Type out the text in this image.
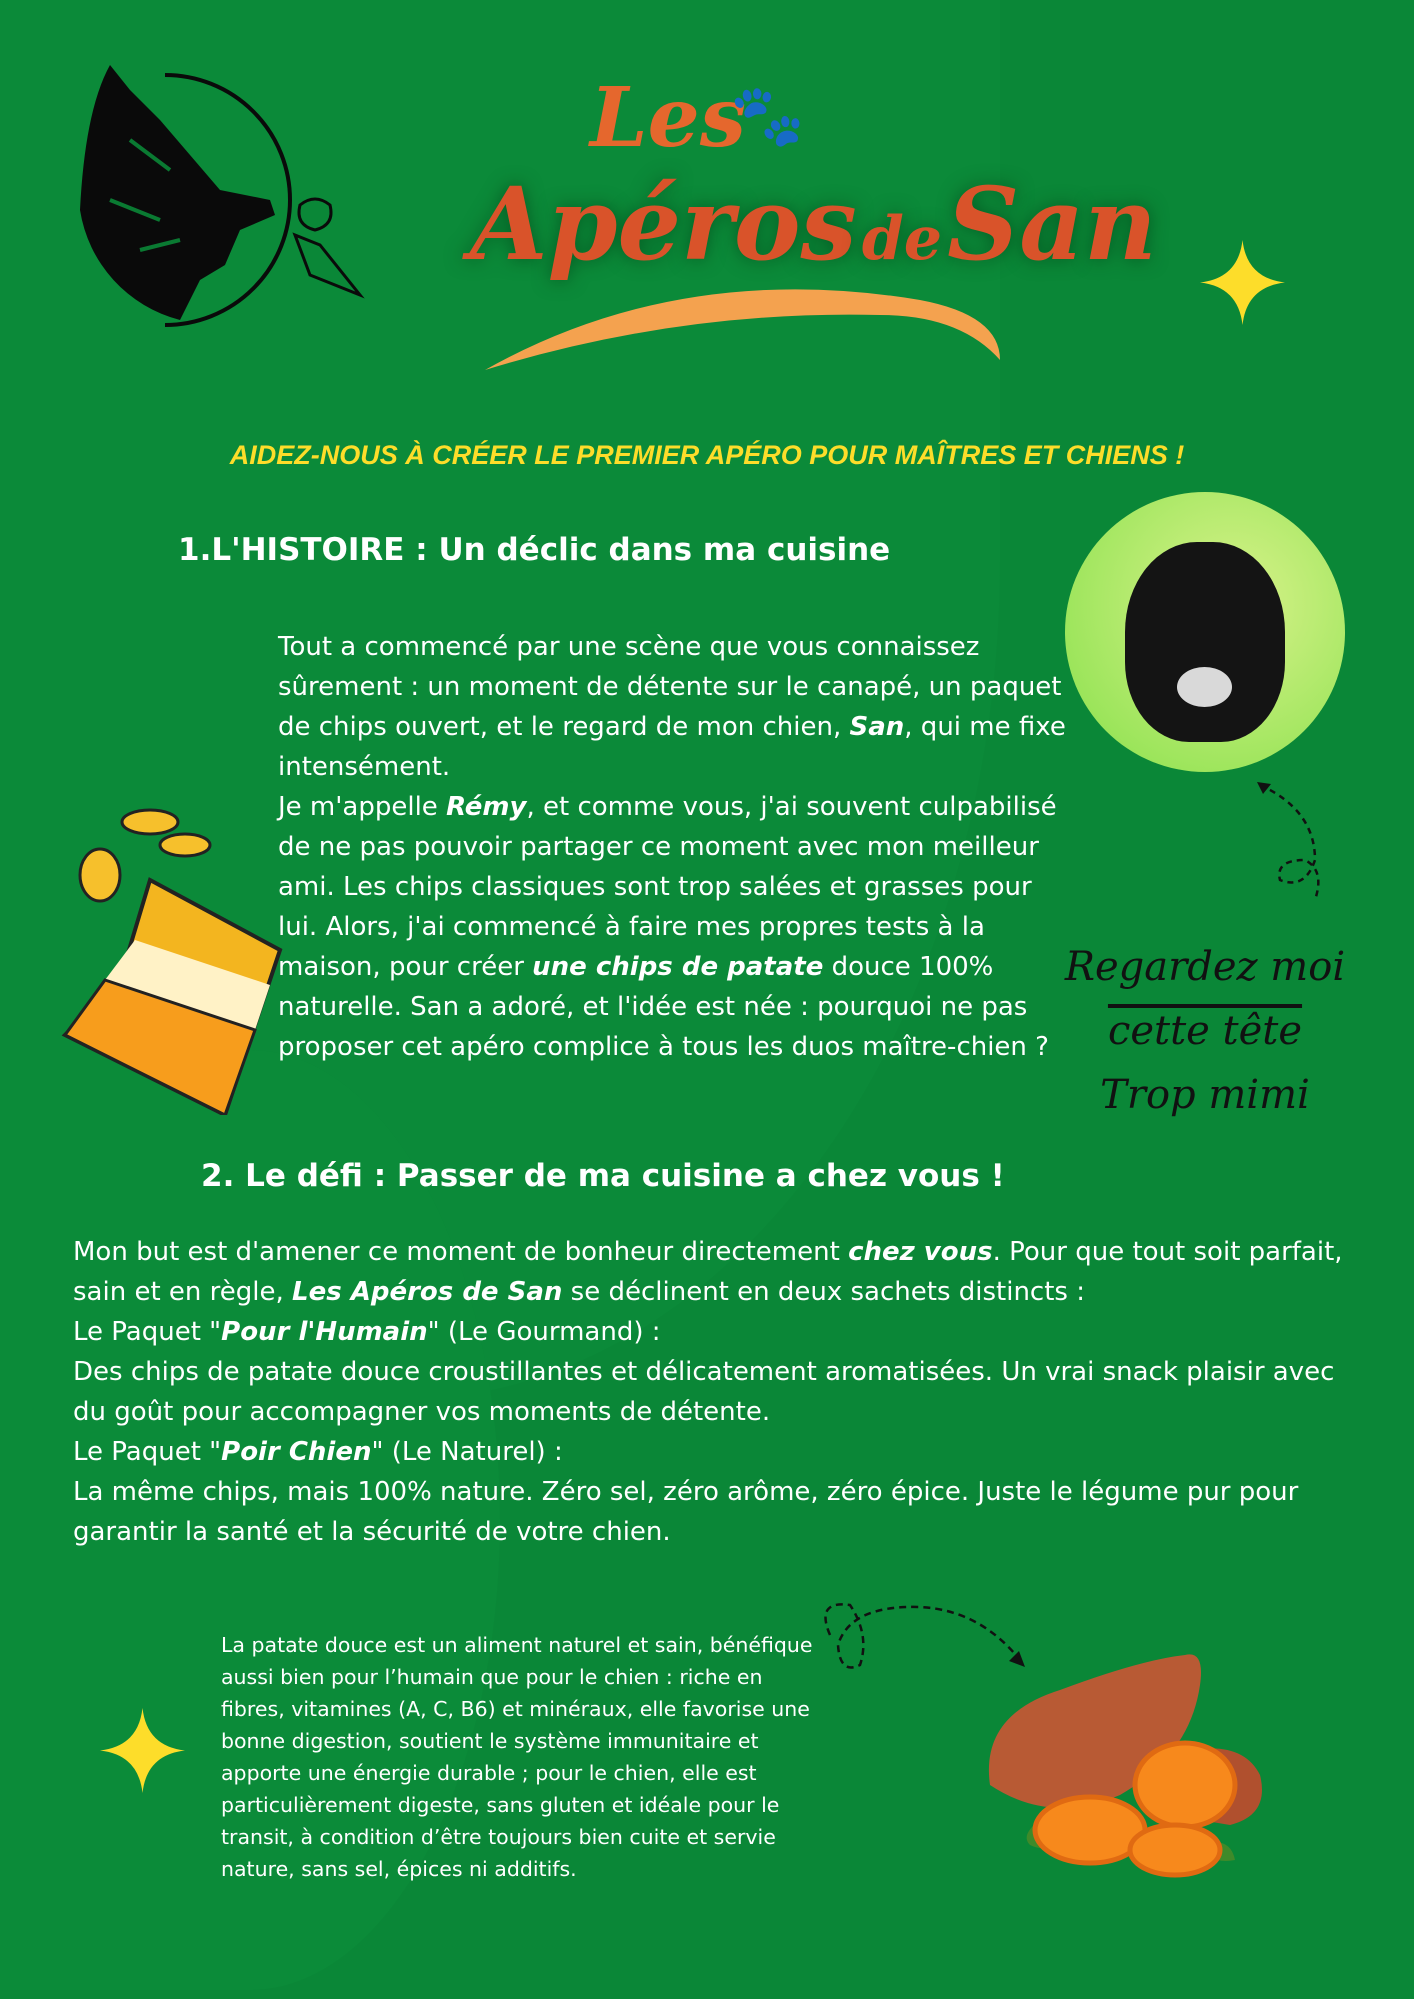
Les
🐾
Apéros de San
AIDEZ-NOUS À CRÉER LE PREMIER APÉRO POUR MAÎTRES ET CHIENS !
1.L'HISTOIRE : Un déclic dans ma cuisine
Tout a commencé par une scène que vous connaissez sûrement : un moment de détente sur le canapé, un paquet de chips ouvert, et le regard de mon chien, San, qui me fixe intensément.
Je m'appelle Rémy, et comme vous, j'ai souvent culpabilisé de ne pas pouvoir partager ce moment avec mon meilleur ami. Les chips classiques sont trop salées et grasses pour lui. Alors, j'ai commencé à faire mes propres tests à la maison, pour créer une chips de patate douce 100% naturelle. San a adoré, et l'idée est née : pourquoi ne pas proposer cet apéro complice à tous les duos maître-chien ?
Regardez moi
cette tête
Trop mimi
2. Le défi : Passer de ma cuisine a chez vous !
Mon but est d'amener ce moment de bonheur directement chez vous. Pour que tout soit parfait, sain et en règle, Les Apéros de San se déclinent en deux sachets distincts :
Le Paquet "Pour l'Humain" (Le Gourmand) :
Des chips de patate douce croustillantes et délicatement aromatisées. Un vrai snack plaisir avec du goût pour accompagner vos moments de détente.
Le Paquet "Poir Chien" (Le Naturel) :
La même chips, mais 100% nature. Zéro sel, zéro arôme, zéro épice. Juste le légume pur pour garantir la santé et la sécurité de votre chien.
La patate douce est un aliment naturel et sain, bénéfique aussi bien pour l’humain que pour le chien : riche en fibres, vitamines (A, C, B6) et minéraux, elle favorise une bonne digestion, soutient le système immunitaire et apporte une énergie durable ; pour le chien, elle est particulièrement digeste, sans gluten et idéale pour le transit, à condition d’être toujours bien cuite et servie nature, sans sel, épices ni additifs.
